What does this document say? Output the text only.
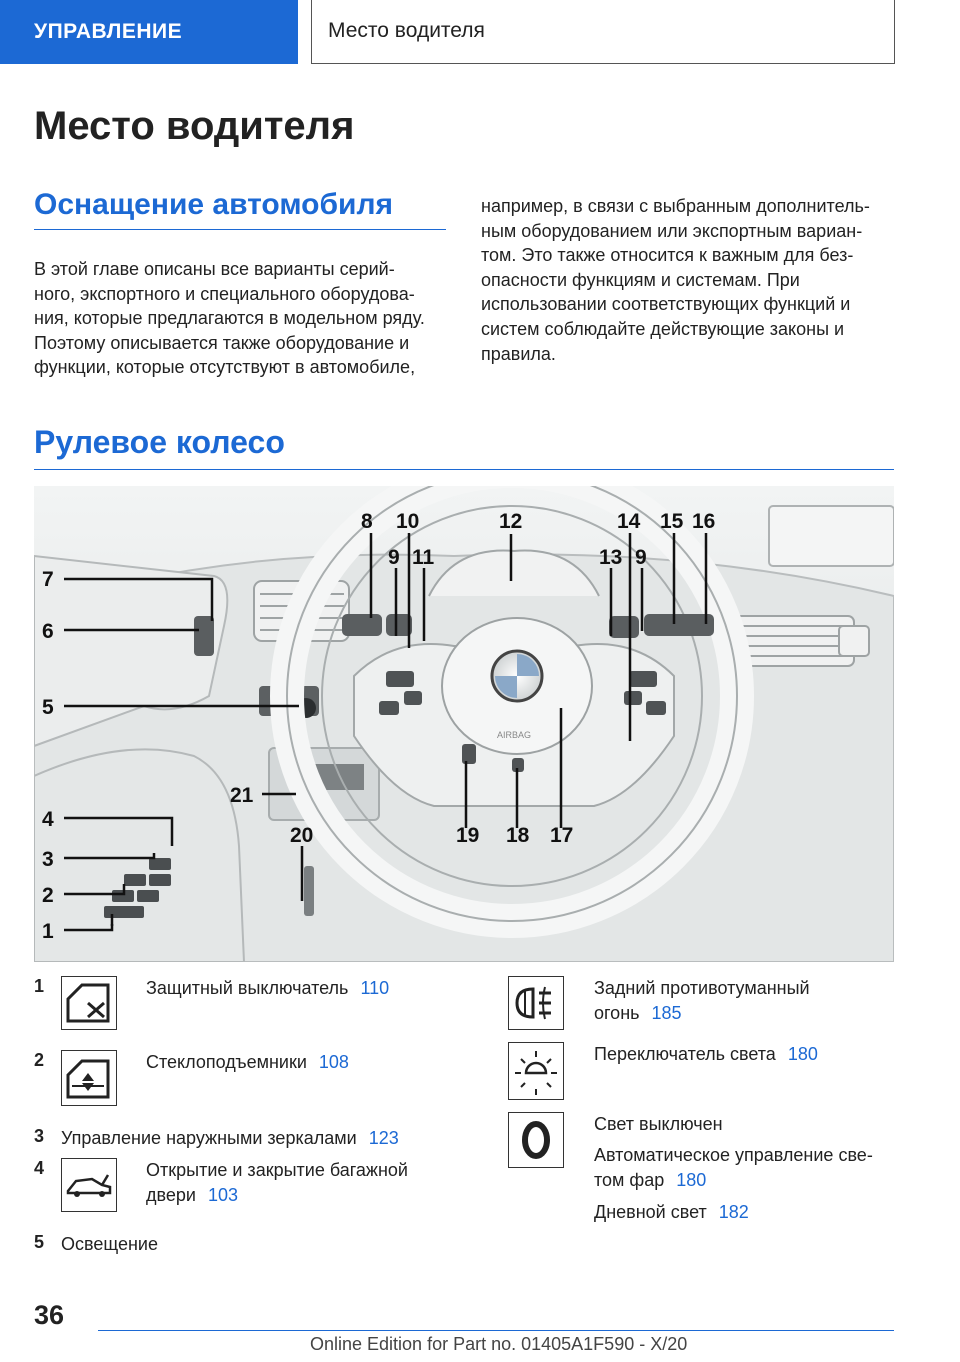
УПРАВЛЕНИЕ	Место водителя
Место водителя
Оснащение автомобиля

В этой главе описаны все варианты серий-
ного, экспортного и специального оборудова-
ния, которые предлагаются в модельном ряду.
Поэтому описывается также оборудование и
функции, которые отсутствуют в автомобиле,

например, в связи с выбранным дополнитель-
ным оборудованием или экспортным вариан-
том. Это также относится к важным для без-
опасности функциям и системам. При
использовании соответствующих функций и
систем соблюдайте действующие законы и
правила.

Рулевое колесо
AIRBAG
1
2
3
4
5
6
7
8
9
10
11
12
13 9
14 15 16
17
18
19
20
21
1	Защитный выключатель 110
2	Стеклоподъемники 108
3 Управление наружными зеркалами 123
4	Открытие и закрытие багажной двери 103
5 Освещение
Задний противотуманный огонь 185
Переключатель света 180
Свет выключен
Автоматическое управление све-
том фар 180
Дневной свет 182
36
Online Edition for Part no. 01405A1F590 - X/20
